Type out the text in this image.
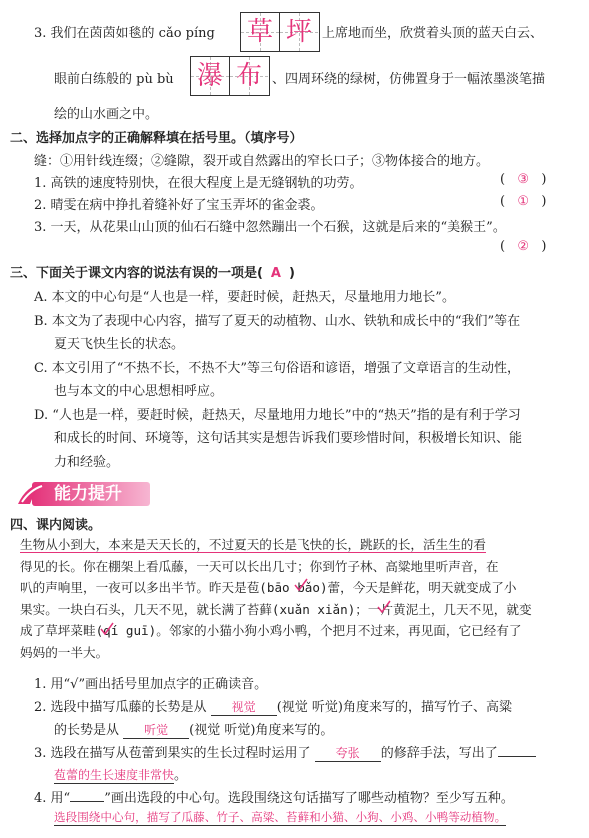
3. 我们在茵茵如毯的 cǎo píng 草 坪 上席地而坐，欣赏着头顶的蓝天白云、
眼前白练般的 pù bù 瀑 布 、四周环绕的绿树，仿佛置身于一幅浓墨淡笔描
绘的山水画之中。
二、选择加点字的正确解释填在括号里。（填序号）
缝：①用针线连缀；②缝隙，裂开或自然露出的窄长口子；③物体接合的地方。
1. 高铁的速度特别快，在很大程度上是无缝钢轨的功劳。	( ③ )
2. 晴雯在病中挣扎着缝补好了宝玉弄坏的雀金裘。	( ① )
3. 一天，从花果山山顶的仙石石缝中忽然蹦出一个石猴，这就是后来的“美猴王”。
( ② )
三、下面关于课文内容的说法有误的一项是( A )
A. 本文的中心句是“人也是一样，要赶时候，赶热天，尽量地用力地长”。
B. 本文为了表现中心内容，描写了夏天的动植物、山水、铁轨和成长中的“我们”等在
夏天飞快生长的状态。
C. 本文引用了“不热不长，不热不大”等三句俗语和谚语，增强了文章语言的生动性，
也与本文的中心思想相呼应。
D. “人也是一样，要赶时候，赶热天，尽量地用力地长”中的“热天”指的是有利于学习
和成长的时间、环境等，这句话其实是想告诉我们要珍惜时间，积极增长知识、能
力和经验。
能力提升
四、课内阅读。
生物从小到大，本来是天天长的，不过夏天的长是飞快的长，跳跃的长，活生生的看
得见的长。你在棚架上看瓜藤，一天可以长出几寸；你到竹子林、高粱地里听声音，在
叭的声响里，一夜可以多出半节。昨天是苞(bāo bǎo)蕾，今天是鲜花，明天就变成了小
果实。一块白石头，几天不见，就长满了苔藓(xuǎn xiǎn)；一片黄泥土，几天不见，就变
成了草坪菜畦(qí guī)。邻家的小猫小狗小鸡小鸭，个把月不过来，再见面，它已经有了
妈妈的一半大。
1. 用“√”画出括号里加点字的正确读音。
2. 选段中描写瓜藤的长势是从 视觉 (视觉 听觉)角度来写的，描写竹子、高粱
的长势是从 听觉 (视觉 听觉)角度来写的。
3. 选段在描写从苞蕾到果实的生长过程时运用了 夸张 的修辞手法，写出了
苞蕾的生长速度非常快。
4. 用“	”画出选段的中心句。选段围绕这句话描写了哪些动植物？至少写五种。
选段围绕中心句，描写了瓜藤、竹子、高粱、苔藓和小猫、小狗、小鸡、小鸭等动植物。
